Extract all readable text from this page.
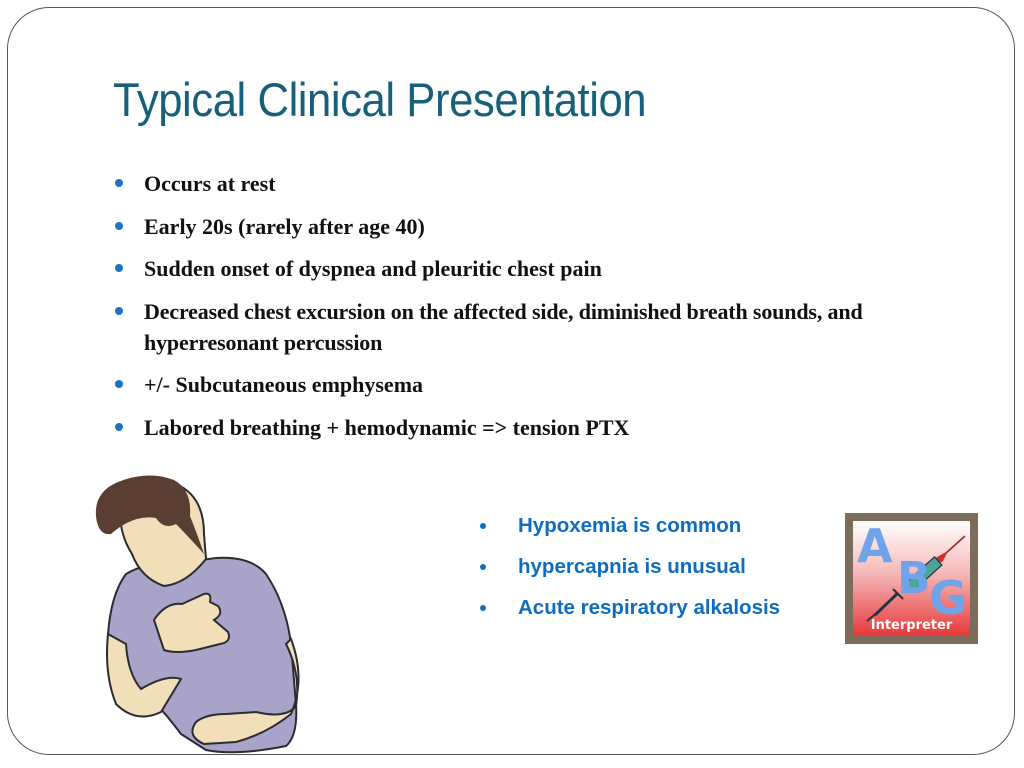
Typical Clinical Presentation
Occurs at rest
Early 20s (rarely after age 40)
Sudden onset of dyspnea and pleuritic chest pain
Decreased chest excursion on the affected side, diminished breath sounds, and hyperresonant percussion
+/- Subcutaneous emphysema
Labored breathing + hemodynamic => tension PTX
Hypoxemia is common
hypercapnia is unusual
Acute respiratory alkalosis
A
B
G
Interpreter
